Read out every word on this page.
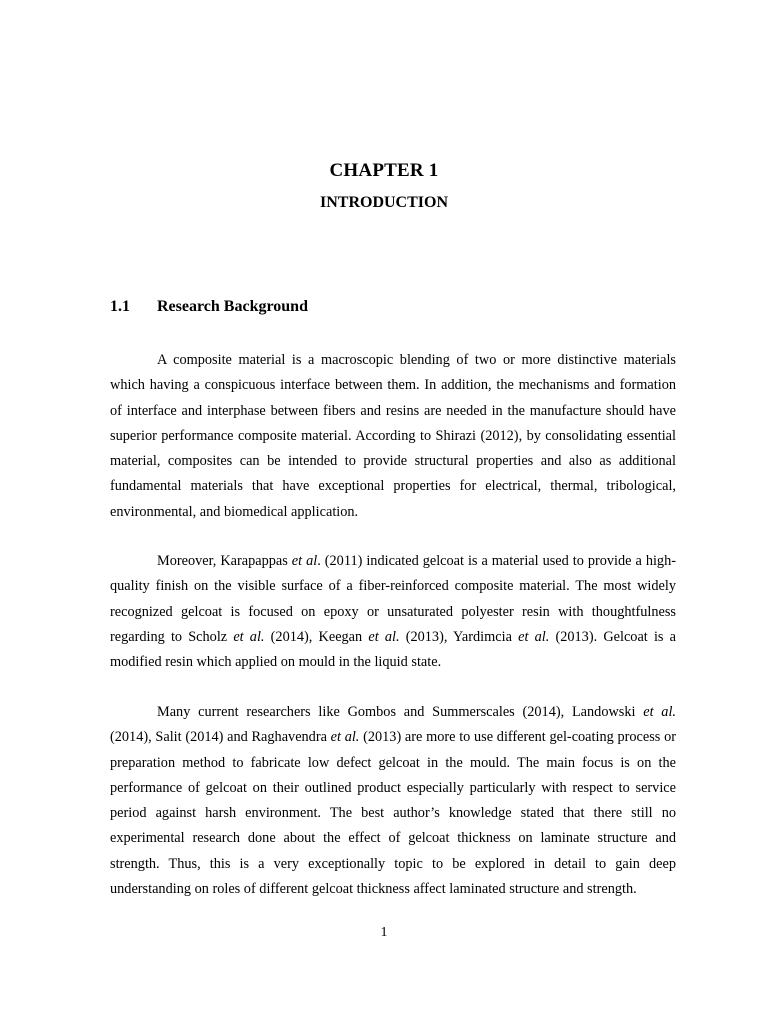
CHAPTER 1
INTRODUCTION
1.1 Research Background

A composite material is a macroscopic blending of two or more distinctive materials which having a conspicuous interface between them. In addition, the mechanisms and formation of interface and interphase between fibers and resins are needed in the manufacture should have superior performance composite material. According to Shirazi (2012), by consolidating essential material, composites can be intended to provide structural properties and also as additional fundamental materials that have exceptional properties for electrical, thermal, tribological, environmental, and biomedical application.

Moreover, Karapappas et al. (2011) indicated gelcoat is a material used to provide a high-quality finish on the visible surface of a fiber-reinforced composite material. The most widely recognized gelcoat is focused on epoxy or unsaturated polyester resin with thoughtfulness regarding to Scholz et al. (2014), Keegan et al. (2013), Yardimcia et al. (2013). Gelcoat is a modified resin which applied on mould in the liquid state.

Many current researchers like Gombos and Summerscales (2014), Landowski et al. (2014), Salit (2014) and Raghavendra et al. (2013) are more to use different gel-coating process or preparation method to fabricate low defect gelcoat in the mould. The main focus is on the performance of gelcoat on their outlined product especially particularly with respect to service period against harsh environment. The best author’s knowledge stated that there still no experimental research done about the effect of gelcoat thickness on laminate structure and strength. Thus, this is a very exceptionally topic to be explored in detail to gain deep understanding on roles of different gelcoat thickness affect laminated structure and strength.

1
